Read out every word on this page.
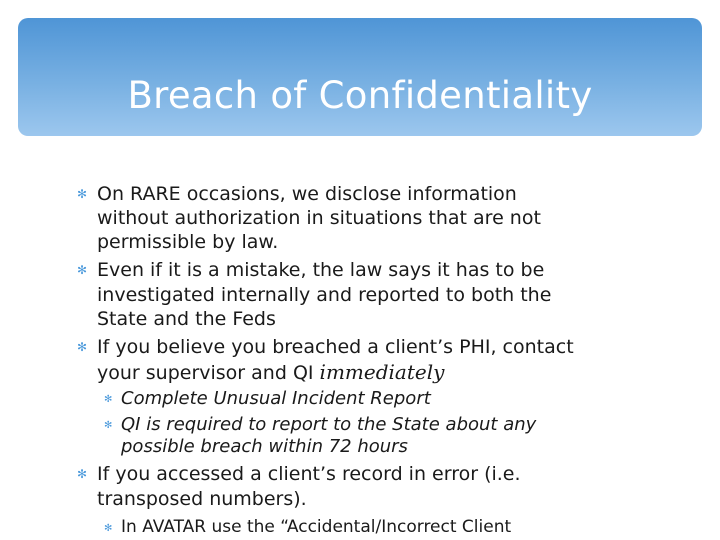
Breach of Confidentiality
✻ On RARE occasions, we disclose information
without authorization in situations that are not
permissible by law.
✻ Even if it is a mistake, the law says it has to be
investigated internally and reported to both the
State and the Feds
✻ If you believe you breached a client’s PHI, contact
your supervisor and QI immediately
✻ Complete Unusual Incident Report
✻ QI is required to report to the State about any
possible breach within 72 hours
✻ If you accessed a client’s record in error (i.e.
transposed numbers).
✻ In AVATAR use the “Accidental/Incorrect Client
